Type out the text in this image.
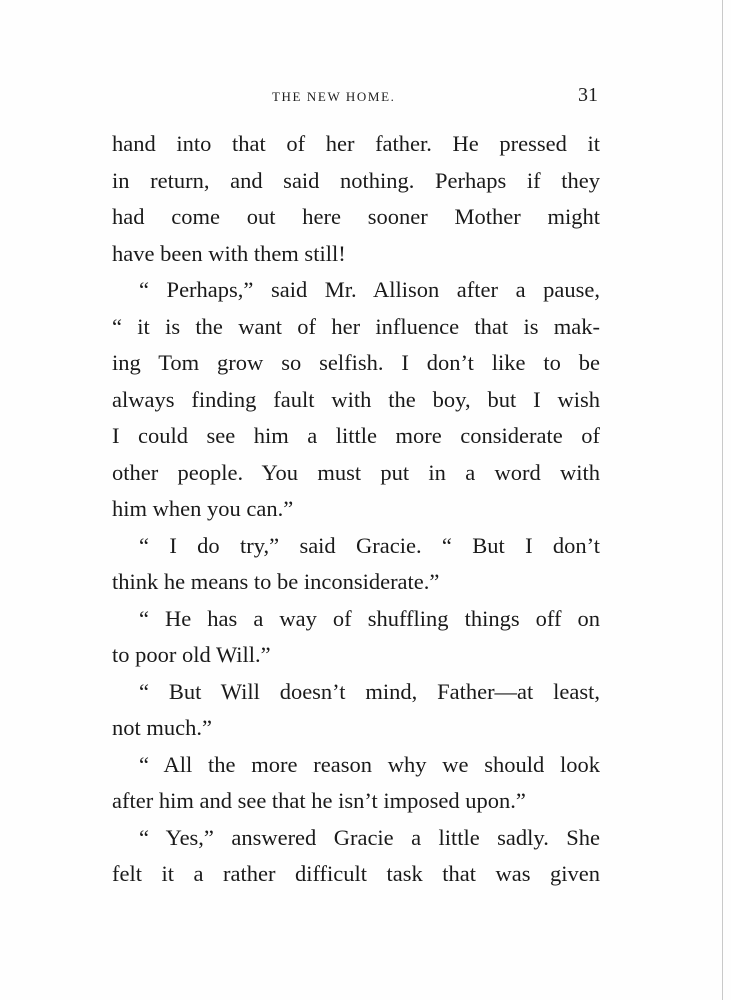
THE NEW HOME.	31
hand into that of her father. He pressed it
in return, and said nothing. Perhaps if they
had come out here sooner Mother might
have been with them still!
“ Perhaps,” said Mr. Allison after a pause,
“ it is the want of her influence that is mak-
ing Tom grow so selfish. I don’t like to be
always finding fault with the boy, but I wish
I could see him a little more considerate of
other people. You must put in a word with
him when you can.”
“ I do try,” said Gracie. “ But I don’t
think he means to be inconsiderate.”
“ He has a way of shuffling things off on
to poor old Will.”
“ But Will doesn’t mind, Father—at least,
not much.”
“ All the more reason why we should look
after him and see that he isn’t imposed upon.”
“ Yes,” answered Gracie a little sadly. She
felt it a rather difficult task that was given
